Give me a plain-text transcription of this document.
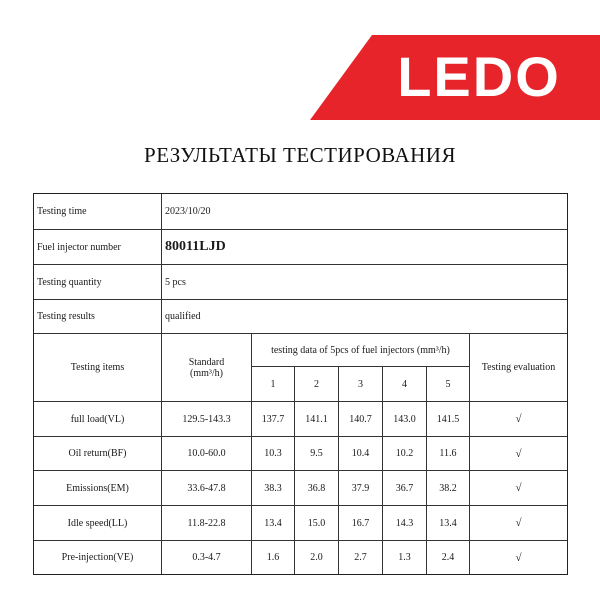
LEDO
РЕЗУЛЬТАТЫ ТЕСТИРОВАНИЯ
Testing time	2023/10/20
Fuel injector number	80011LJD
Testing quantity	5 pcs
Testing results	qualified
Testing items	Standard (mm³/h)
testing data of 5pcs of fuel injectors (mm³/h)
Testing evaluation
1	2	3	4	5
full load(VL)	129.5-143.3	137.7	141.1	140.7	143.0	141.5	√
Oil return(BF)	10.0-60.0	10.3	9.5	10.4	10.2	11.6	√
Emissions(EM)	33.6-47.8	38.3	36.8	37.9	36.7	38.2	√
Idle speed(LL)	11.8-22.8	13.4	15.0	16.7	14.3	13.4	√
Pre-injection(VE)	0.3-4.7	1.6	2.0	2.7	1.3	2.4	√
